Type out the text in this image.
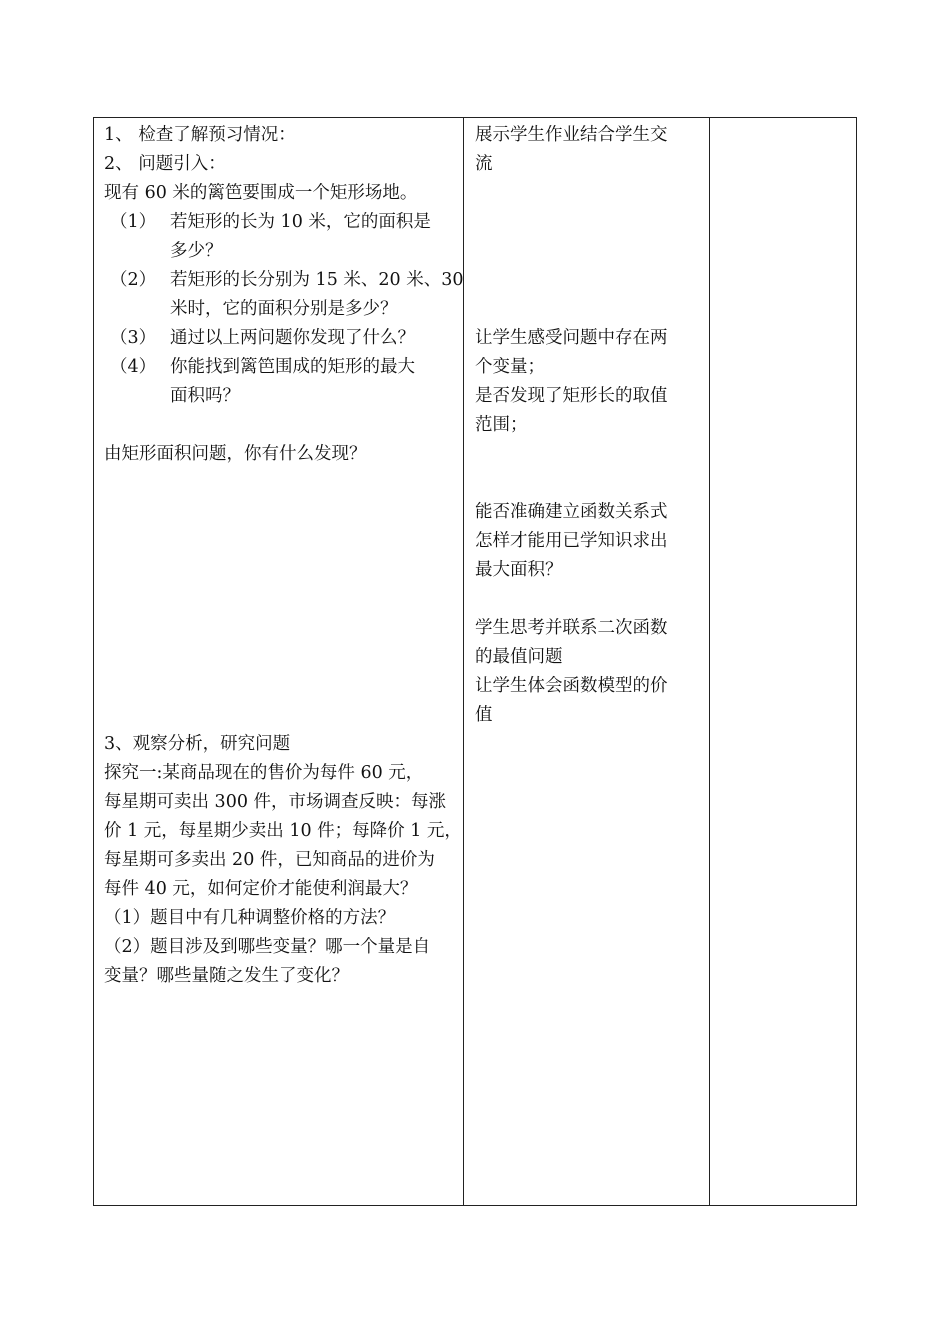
1、 检查了解预习情况：
2、 问题引入：
现有 60 米的篱笆要围成一个矩形场地。
（1） 若矩形的长为 10 米，它的面积是
多少？
（2） 若矩形的长分别为 15 米、20 米、30
米时，它的面积分别是多少？
（3） 通过以上两问题你发现了什么？
（4） 你能找到篱笆围成的矩形的最大
面积吗？
由矩形面积问题，你有什么发现？
3、观察分析，研究问题
探究一:某商品现在的售价为每件 60 元，
每星期可卖出 300 件，市场调查反映：每涨
价 1 元，每星期少卖出 10 件；每降价 1 元，
每星期可多卖出 20 件，已知商品的进价为
每件 40 元，如何定价才能使利润最大？
（1）题目中有几种调整价格的方法？
（2）题目涉及到哪些变量？哪一个量是自
变量？哪些量随之发生了变化？
展示学生作业结合学生交
流
让学生感受问题中存在两
个变量；
是否发现了矩形长的取值
范围；
能否准确建立函数关系式
怎样才能用已学知识求出
最大面积？
学生思考并联系二次函数
的最值问题
让学生体会函数模型的价
值
